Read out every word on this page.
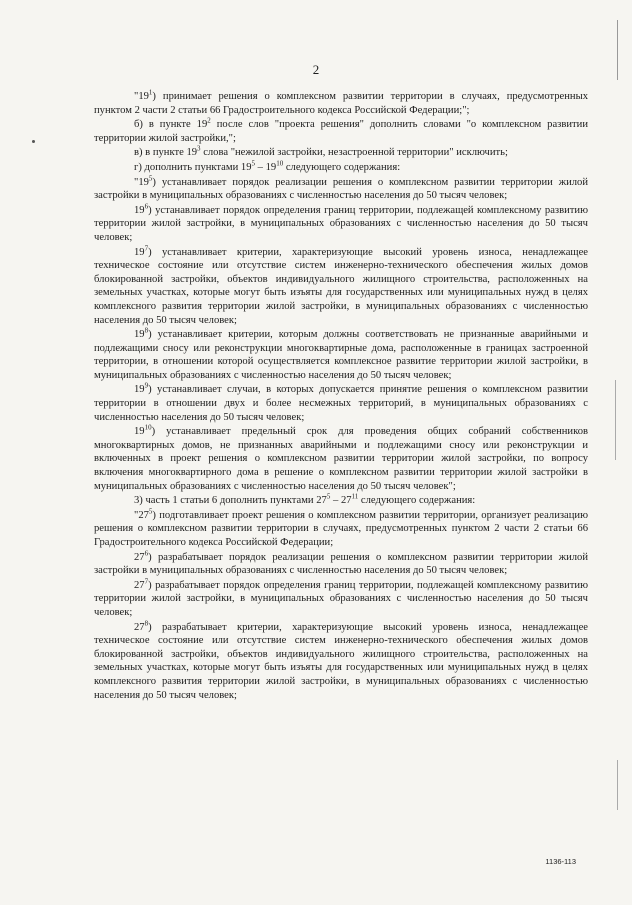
2

"$19^1$) принимает решения о комплексном развитии территории в случаях, предусмотренных пунктом 2 части 2 статьи 66 Градостроительного кодекса Российской Федерации;";

б) в пункте $19^2$ после слов "проекта решения" дополнить словами "о комплексном развитии территории жилой застройки,";

в) в пункте $19^3$ слова "нежилой застройки, незастроенной территории" исключить;

г) дополнить пунктами $19^5 - 19^{10}$ следующего содержания:

"$19^5$) устанавливает порядок реализации решения о комплексном развитии территории жилой застройки в муниципальных образованиях с численностью населения до 50 тысяч человек;

$19^6$) устанавливает порядок определения границ территории, подлежащей комплексному развитию территории жилой застройки, в муниципальных образованиях с численностью населения до 50 тысяч человек;

$19^7$) устанавливает критерии, характеризующие высокий уровень износа, ненадлежащее техническое состояние или отсутствие систем инженерно-технического обеспечения жилых домов блокированной застройки, объектов индивидуального жилищного строительства, расположенных на земельных участках, которые могут быть изъяты для государственных или муниципальных нужд в целях комплексного развития территории жилой застройки, в муниципальных образованиях с численностью населения до 50 тысяч человек;

$19^8$) устанавливает критерии, которым должны соответствовать не признанные аварийными и подлежащими сносу или реконструкции многоквартирные дома, расположенные в границах застроенной территории, в отношении которой осуществляется комплексное развитие территории жилой застройки, в муниципальных образованиях с численностью населения до 50 тысяч человек;

$19^9$) устанавливает случаи, в которых допускается принятие решения о комплексном развитии территории в отношении двух и более несмежных территорий, в муниципальных образованиях с численностью населения до 50 тысяч человек;

$19^{10}$) устанавливает предельный срок для проведения общих собраний собственников многоквартирных домов, не признанных аварийными и подлежащими сносу или реконструкции и включенных в проект решения о комплексном развитии территории жилой застройки, по вопросу включения многоквартирного дома в решение о комплексном развитии территории жилой застройки в муниципальных образованиях с численностью населения до 50 тысяч человек";

3) часть 1 статьи 6 дополнить пунктами $27^5 - 27^{11}$ следующего содержания:

"$27^5$) подготавливает проект решения о комплексном развитии территории, организует реализацию решения о комплексном развитии территории в случаях, предусмотренных пунктом 2 части 2 статьи 66 Градостроительного кодекса Российской Федерации;

$27^6$) разрабатывает порядок реализации решения о комплексном развитии территории жилой застройки в муниципальных образованиях с численностью населения до 50 тысяч человек;

$27^7$) разрабатывает порядок определения границ территории, подлежащей комплексному развитию территории жилой застройки, в муниципальных образованиях с численностью населения до 50 тысяч человек;

$27^8$) разрабатывает критерии, характеризующие высокий уровень износа, ненадлежащее техническое состояние или отсутствие систем инженерно-технического обеспечения жилых домов блокированной застройки, объектов индивидуального жилищного строительства, расположенных на земельных участках, которые могут быть изъяты для государственных или муниципальных нужд в целях комплексного развития территории жилой застройки, в муниципальных образованиях с численностью населения до 50 тысяч человек;

1136-113
